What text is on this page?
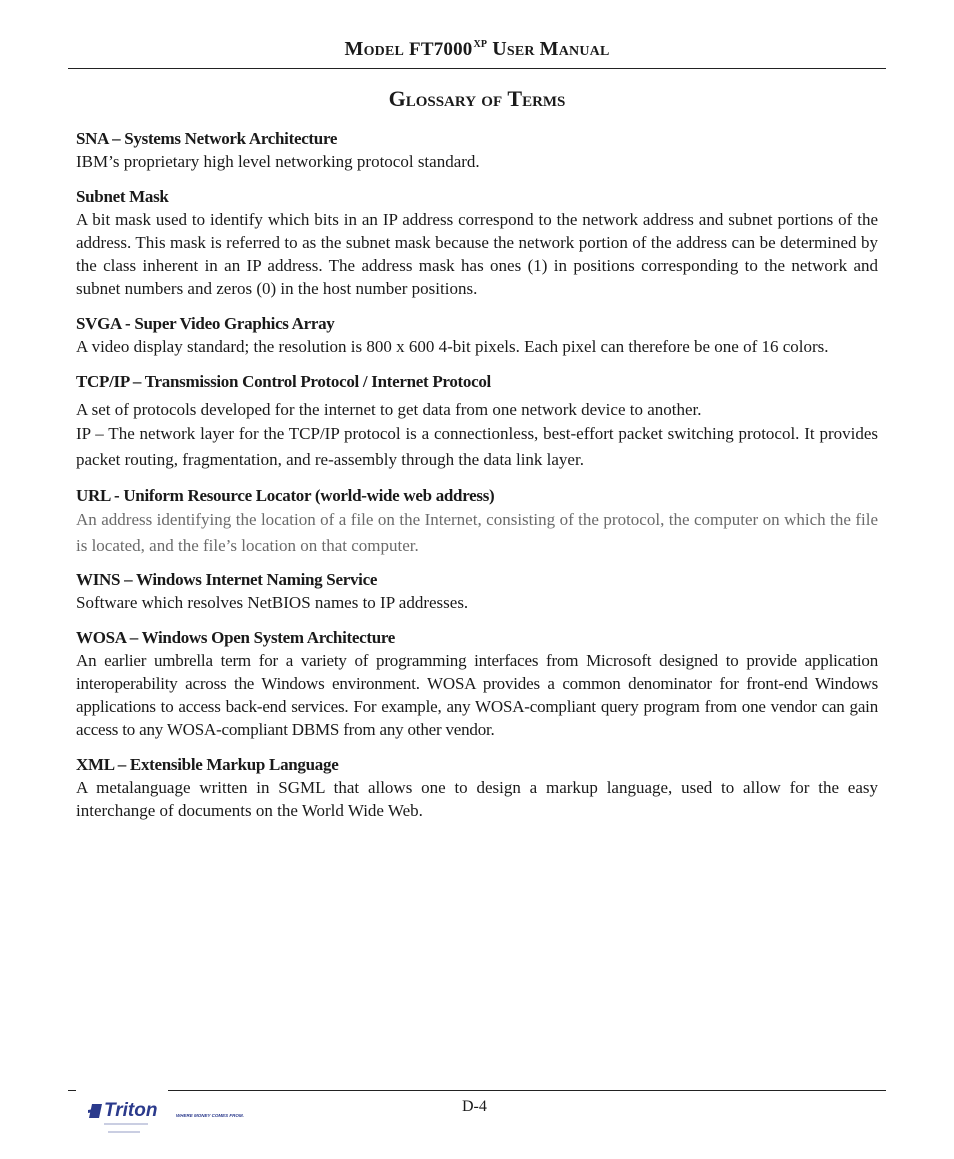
MODEL $FT7000^{XP}$ USER MANUAL
GLOSSARY OF TERMS
SNA – Systems Network Architecture
IBM’s proprietary high level networking protocol standard.
Subnet Mask
A bit mask used to identify which bits in an IP address correspond to the network address and subnet portions of the address. This mask is referred to as the subnet mask because the network portion of the address can be determined by the class inherent in an IP address. The address mask has ones (1) in positions corresponding to the network and subnet numbers and zeros (0) in the host number positions.
SVGA - Super Video Graphics Array
A video display standard; the resolution is 800 x 600 4-bit pixels. Each pixel can therefore be one of 16 colors.
TCP/IP – Transmission Control Protocol / Internet Protocol
A set of protocols developed for the internet to get data from one network device to another.
IP – The network layer for the TCP/IP protocol is a connectionless, best-effort packet switching protocol. It provides packet routing, fragmentation, and re-assembly through the data link layer.
URL - Uniform Resource Locator (world-wide web address)
An address identifying the location of a file on the Internet, consisting of the protocol, the computer on which the file is located, and the file’s location on that computer.
WINS – Windows Internet Naming Service
Software which resolves NetBIOS names to IP addresses.
WOSA – Windows Open System Architecture
An earlier umbrella term for a variety of programming interfaces from Microsoft designed to provide application interoperability across the Windows environment. WOSA provides a common denominator for front-end Windows applications to access back-end services. For example, any WOSA-compliant query program from one vendor can gain access to any WOSA-compliant DBMS from any other vendor.
XML – Extensible Markup Language
A metalanguage written in SGML that allows one to design a markup language, used to allow for the easy interchange of documents on the World Wide Web.
Triton	WHERE MONEY COMES FROM.
D-4
